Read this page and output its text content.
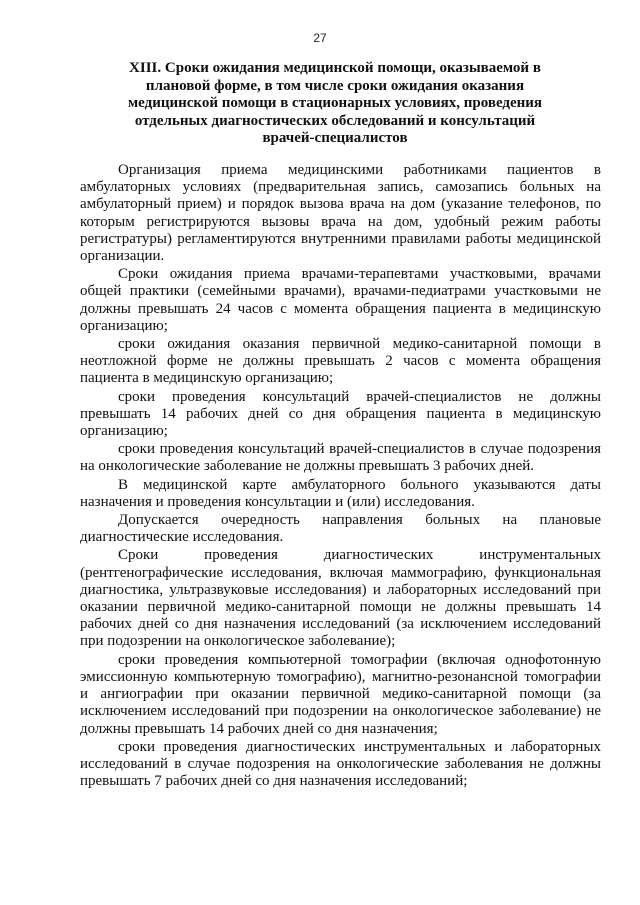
27
XIII. Сроки ожидания медицинской помощи, оказываемой в плановой форме, в том числе сроки ожидания оказания медицинской помощи в стационарных условиях, проведения отдельных диагностических обследований и консультаций врачей-специалистов

Организация приема медицинскими работниками пациентов в амбулаторных условиях (предварительная запись, самозапись больных на амбулаторный прием) и порядок вызова врача на дом (указание телефонов, по которым регистрируются вызовы врача на дом, удобный режим работы регистратуры) регламентируются внутренними правилами работы медицинской организации.

Сроки ожидания приема врачами-терапевтами участковыми, врачами общей практики (семейными врачами), врачами-педиатрами участковыми не должны превышать 24 часов с момента обращения пациента в медицинскую организацию;

сроки ожидания оказания первичной медико-санитарной помощи в неотложной форме не должны превышать 2 часов с момента обращения пациента в медицинскую организацию;

сроки проведения консультаций врачей-специалистов не должны превышать 14 рабочих дней со дня обращения пациента в медицинскую организацию;

сроки проведения консультаций врачей-специалистов в случае подозрения на онкологические заболевание не должны превышать 3 рабочих дней.

В медицинской карте амбулаторного больного указываются даты назначения и проведения консультации и (или) исследования.

Допускается очередность направления больных на плановые диагностические исследования.

Сроки проведения диагностических инструментальных (рентгенографические исследования, включая маммографию, функциональная диагностика, ультразвуковые исследования) и лабораторных исследований при оказании первичной медико-санитарной помощи не должны превышать 14 рабочих дней со дня назначения исследований (за исключением исследований при подозрении на онкологическое заболевание);

сроки проведения компьютерной томографии (включая однофотонную эмиссионную компьютерную томографию), магнитно-резонансной томографии и ангиографии при оказании первичной медико-санитарной помощи (за исключением исследований при подозрении на онкологическое заболевание) не должны превышать 14 рабочих дней со дня назначения;

сроки проведения диагностических инструментальных и лабораторных исследований в случае подозрения на онкологические заболевания не должны превышать 7 рабочих дней со дня назначения исследований;
